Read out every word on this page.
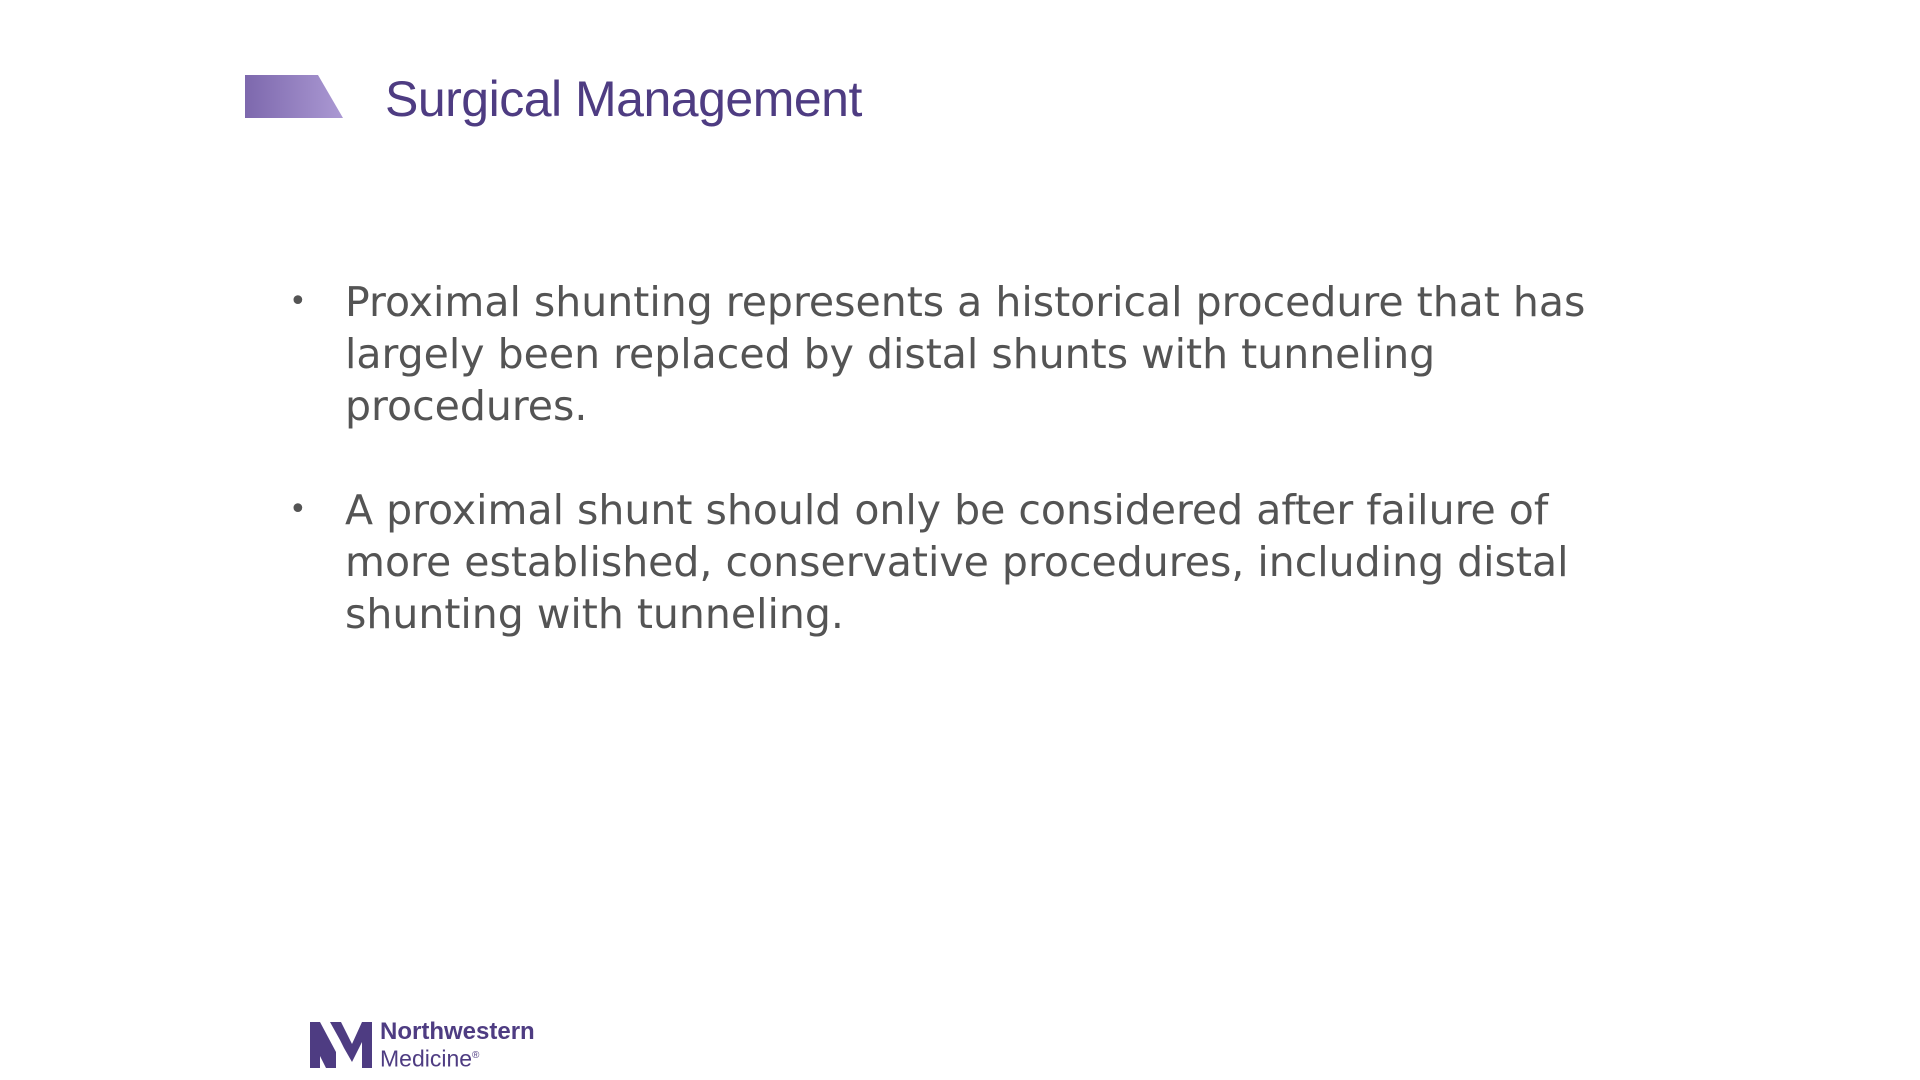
Surgical Management
• Proximal shunting represents a historical procedure that has largely been replaced by distal shunts with tunneling procedures.
• A proximal shunt should only be considered after failure of more established, conservative procedures, including distal shunting with tunneling.
Northwestern
Medicine®
